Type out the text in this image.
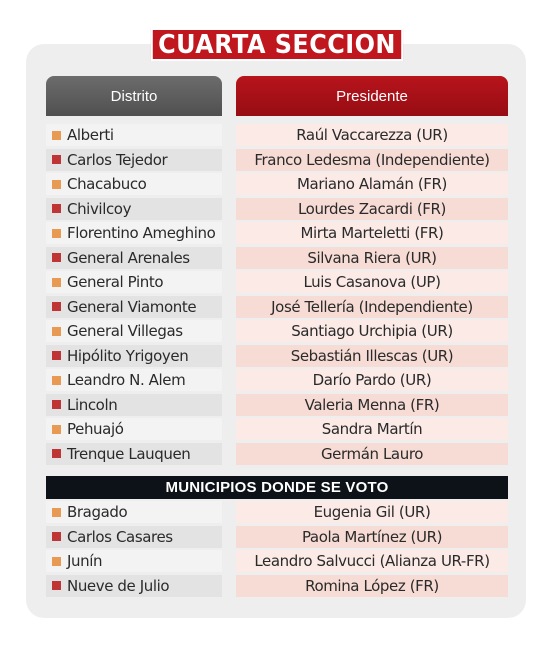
CUARTA SECCION
Distrito	Presidente
Alberti	Raúl Vaccarezza (UR)
Carlos Tejedor	Franco Ledesma (Independiente)
Chacabuco	Mariano Alamán (FR)
Chivilcoy	Lourdes Zacardi (FR)
Florentino Ameghino	Mirta Marteletti (FR)
General Arenales	Silvana Riera (UR)
General Pinto	Luis Casanova (UP)
General Viamonte	José Tellería (Independiente)
General Villegas	Santiago Urchipia (UR)
Hipólito Yrigoyen	Sebastián Illescas (UR)
Leandro N. Alem	Darío Pardo (UR)
Lincoln	Valeria Menna (FR)
Pehuajó	Sandra Martín
Trenque Lauquen	Germán Lauro
MUNICIPIOS DONDE SE VOTO
Bragado	Eugenia Gil (UR)
Carlos Casares	Paola Martínez (UR)
Junín	Leandro Salvucci (Alianza UR-FR)
Nueve de Julio	Romina López (FR)
